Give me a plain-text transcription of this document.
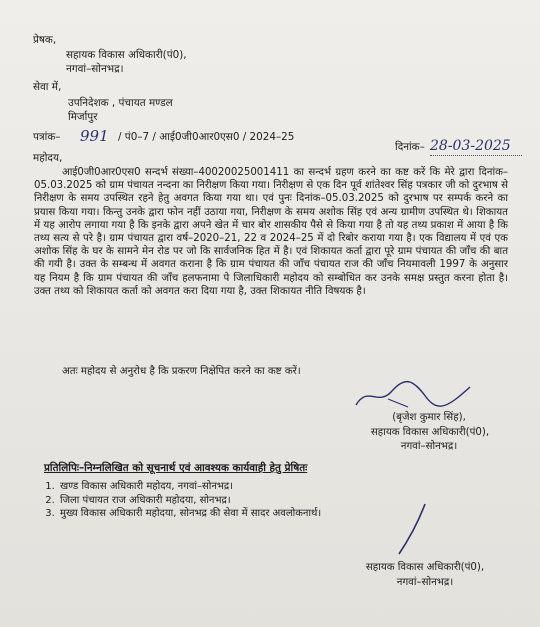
प्रेषक,
सहायक विकास अधिकारी(पं0),
नगवां–सोनभद्र।
सेवा में,
उपनिदेशक , पंचायत मण्डल
मिर्जापुर
पत्रांक– 991 / पं0–7 / आई0जी0आर0एस0 / 2024–25
दिनांक– 28-03-2025
महोदय,
आई0जी0आर0एस0 सन्दर्भ संख्या–40020025001411 का सन्दर्भ ग्रहण करने का कष्ट करें कि मेरे द्वारा दिनांक–05.03.2025 को ग्राम पंचायत नन्दना का निरीक्षण किया गया। निरीक्षण से एक दिन पूर्व शांतेश्वर सिंह पत्रकार जी को दुरभाष से निरीक्षण के समय उपस्थित रहने हेतु अवगत किया गया था। एवं पुनः दिनांक–05.03.2025 को दुरभाष पर सम्पर्क करने का प्रयास किया गया। किन्तु उनके द्वारा फोन नहीं उठाया गया, निरीक्षण के समय अशोक सिंह एवं अन्य ग्रामीण उपस्थित थे। शिकायत में यह आरोप लगाया गया है कि इनके द्वारा अपने खेत में चार बोर शासकीय पैसे से किया गया है तो यह तथ्य प्रकाश में आया है कि तथ्य सत्य से परे है। ग्राम पंचायत द्वारा वर्ष–2020–21, 22 व 2024–25 में दो रिबोर कराया गया है। एक विद्यालय में एवं एक अशोक सिंह के घर के सामने मेन रोड पर जो कि सार्वजनिक हित में है। एवं शिकायत कर्ता द्वारा पूरे ग्राम पंचायत की जाँच की बात की गयी है। उक्त के सम्बन्ध में अवगत कराना है कि ग्राम पंचायत की जाँच पंचायत राज की जाँच नियमावली 1997 के अनुसार यह नियम है कि ग्राम पंचायत की जाँच हलफनामा पे जिलाधिकारी महोदय को सम्बोधित कर उनके समक्ष प्रस्तुत करना होता है। उक्त तथ्य को शिकायत कर्ता को अवगत करा दिया गया है, उक्त शिकायत नीति विषयक है।
अतः महोदय से अनुरोध है कि प्रकरण निक्षेपित करने का कष्ट करें।
(बृजेश कुमार सिंह),
सहायक विकास अधिकारी(पं0),
नगवां–सोनभद्र।
प्रतिलिपिः–निम्नलिखित को सूचनार्थ एवं आवश्यक कार्यवाही हेतु प्रेषितः
1. खण्ड विकास अधिकारी महोदय, नगवां–सोनभद्र।
2. जिला पंचायत राज अधिकारी महोदया, सोनभद्र।
3. मुख्य विकास अधिकारी महोदया, सोनभद्र की सेवा में सादर अवलोकनार्थ।
सहायक विकास अधिकारी(पं0),
नगवां–सोनभद्र।
